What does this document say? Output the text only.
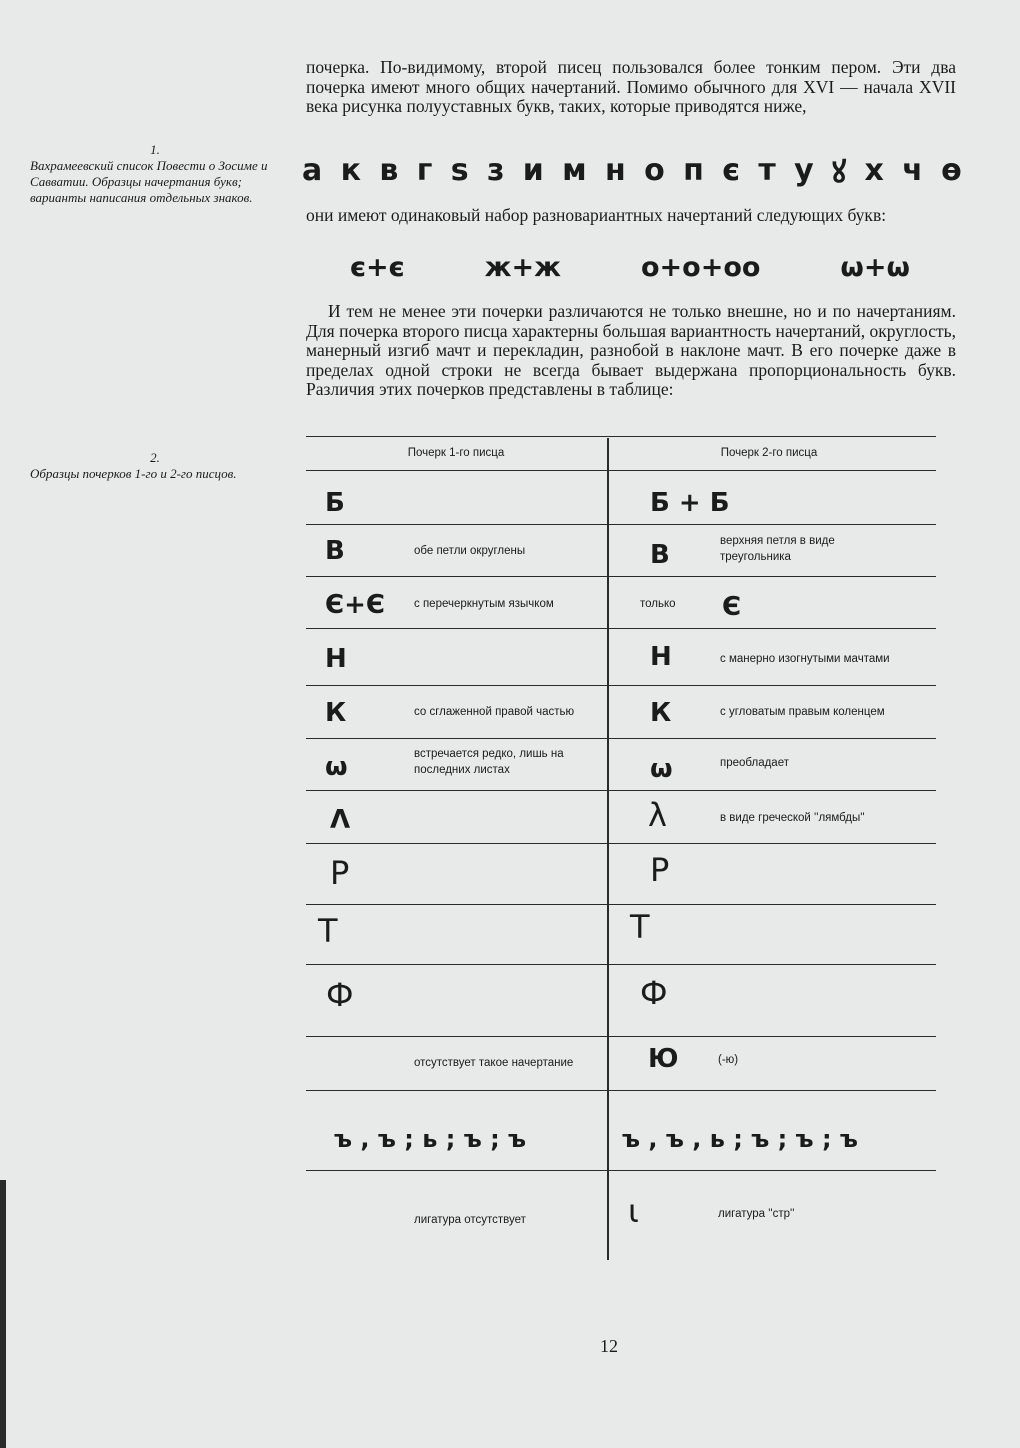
1.
Вахрамеевский список Повести о Зосиме и Савватии. Образцы начертания букв; варианты написания отдельных знаков.
2.
Образцы почерков 1-го и 2-го писцов.

почерка. По-видимому, второй писец пользовался более тонким пером. Эти два почерка имеют много общих начертаний. Помимо обычного для XVI — начала XVII века рисунка полууставных букв, таких, которые приводятся ниже,

а к в г ѕ з и м н о п є т у ꙋ х ч ѳ

они имеют одинаковый набор разновариантных начертаний следующих букв:

є+є	ж+ж	о+о+оо	ω+ω

И тем не менее эти почерки различаются не только внешне, но и по начертаниям. Для почерка второго писца характерны большая вариантность начертаний, округлость, манерный изгиб мачт и перекладин, разнобой в наклоне мачт. В его почерке даже в пределах одной строки не всегда бывает выдержана пропорциональность букв. Различия этих почерков представлены в таблице:

Почерк 1-го писца	Почерк 2-го писца
Б	Б + Б
В	обе петли округлены	В	верхняя петля в виде треугольника
Є+Є	с перечеркнутым язычком	только Є
Н	Н	с манерно изогнутыми мачтами
К	со сглаженной правой частью	К	с угловатым правым коленцем
ѡ	встречается редко, лишь на последних листах	ѡ	преобладает
Λ	λ	в виде греческой ''лямбды''
Р	Р
Т	Т
Ф	Ф
отсутствует такое начертание	Ю	(-ю)
ъ , ъ ; ь ; ъ ; ъ	ъ , ъ , ь ; ъ ; ъ ; ъ
лигатура отсутствует	ꙇ	лигатура ''стр''
12
